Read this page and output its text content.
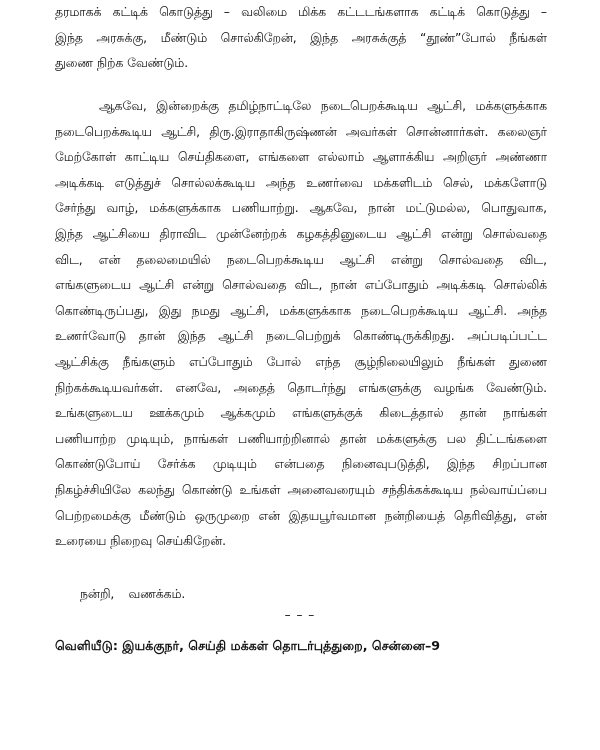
தரமாகக் கட்டிக் கொடுத்து – வலிமை மிக்க கட்டடங்களாக கட்டிக் கொடுத்து –
இந்த அரசுக்கு, மீண்டும் சொல்கிறேன், இந்த அரசுக்குத் “தூண்”போல் நீங்கள்
துணை நிற்க வேண்டும்.
ஆகவே, இன்றைக்கு தமிழ்நாட்டிலே நடைபெறக்கூடிய ஆட்சி, மக்களுக்காக
நடைபெறக்கூடிய ஆட்சி, திரு.இராதாகிருஷ்ணன் அவர்கள் சொன்னார்கள். கலைஞர்
மேற்கோள் காட்டிய செய்திகளை, எங்களை எல்லாம் ஆளாக்கிய அறிஞர் அண்ணா
அடிக்கடி எடுத்துச் சொல்லக்கூடிய அந்த உணர்வை மக்களிடம் செல், மக்களோடு
சேர்ந்து வாழ், மக்களுக்காக பணியாற்று. ஆகவே, நான் மட்டுமல்ல, பொதுவாக,
இந்த ஆட்சியை திராவிட முன்னேற்றக் கழகத்தினுடைய ஆட்சி என்று சொல்வதை
விட, என் தலைமையில் நடைபெறக்கூடிய ஆட்சி என்று சொல்வதை விட,
எங்களுடைய ஆட்சி என்று சொல்வதை விட, நான் எப்போதும் அடிக்கடி சொல்லிக்
கொண்டிருப்பது, இது நமது ஆட்சி, மக்களுக்காக நடைபெறக்கூடிய ஆட்சி. அந்த
உணர்வோடு தான் இந்த ஆட்சி நடைபெற்றுக் கொண்டிருக்கிறது. அப்படிப்பட்ட
ஆட்சிக்கு நீங்களும் எப்போதும் போல் எந்த சூழ்நிலையிலும் நீங்கள் துணை
நிற்கக்கூடியவர்கள். எனவே, அதைத் தொடர்ந்து எங்களுக்கு வழங்க வேண்டும்.
உங்களுடைய ஊக்கமும் ஆக்கமும் எங்களுக்குக் கிடைத்தால் தான் நாங்கள்
பணியாற்ற முடியும், நாங்கள் பணியாற்றினால் தான் மக்களுக்கு பல திட்டங்களை
கொண்டுபோய் சேர்க்க முடியும் என்பதை நினைவுபடுத்தி, இந்த சிறப்பான
நிகழ்ச்சியிலே கலந்து கொண்டு உங்கள் அனைவரையும் சந்திக்கக்கூடிய நல்வாய்ப்பை
பெற்றமைக்கு மீண்டும் ஒருமுறை என் இதயபூர்வமான நன்றியைத் தெரிவித்து, என்
உரையை நிறைவு செய்கிறேன்.
நன்றி, வணக்கம்.
– – –
வெளியீடு: இயக்குநர், செய்தி மக்கள் தொடர்புத்துறை, சென்னை–9
